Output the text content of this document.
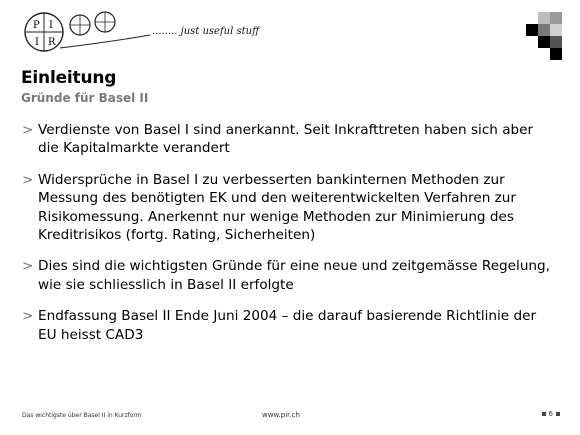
P I
I R
........ just useful stuff
Einleitung
Gründe für Basel II
> Verdienste von Basel I sind anerkannt. Seit Inkrafttreten haben sich aber die Kapitalmarkte verandert
> Widersprüche in Basel I zu verbesserten bankinternen Methoden zur Messung des benötigten EK und den weiterentwickelten Verfahren zur Risikomessung. Anerkennt nur wenige Methoden zur Minimierung des Kreditrisikos (fortg. Rating, Sicherheiten)
> Dies sind die wichtigsten Gründe für eine neue und zeitgemässe Regelung, wie sie schliesslich in Basel II erfolgte
> Endfassung Basel II Ende Juni 2004 – die darauf basierende Richtlinie der EU heisst CAD3
Das wichtigste über Basel II in Kurzform	www.pir.ch	6
